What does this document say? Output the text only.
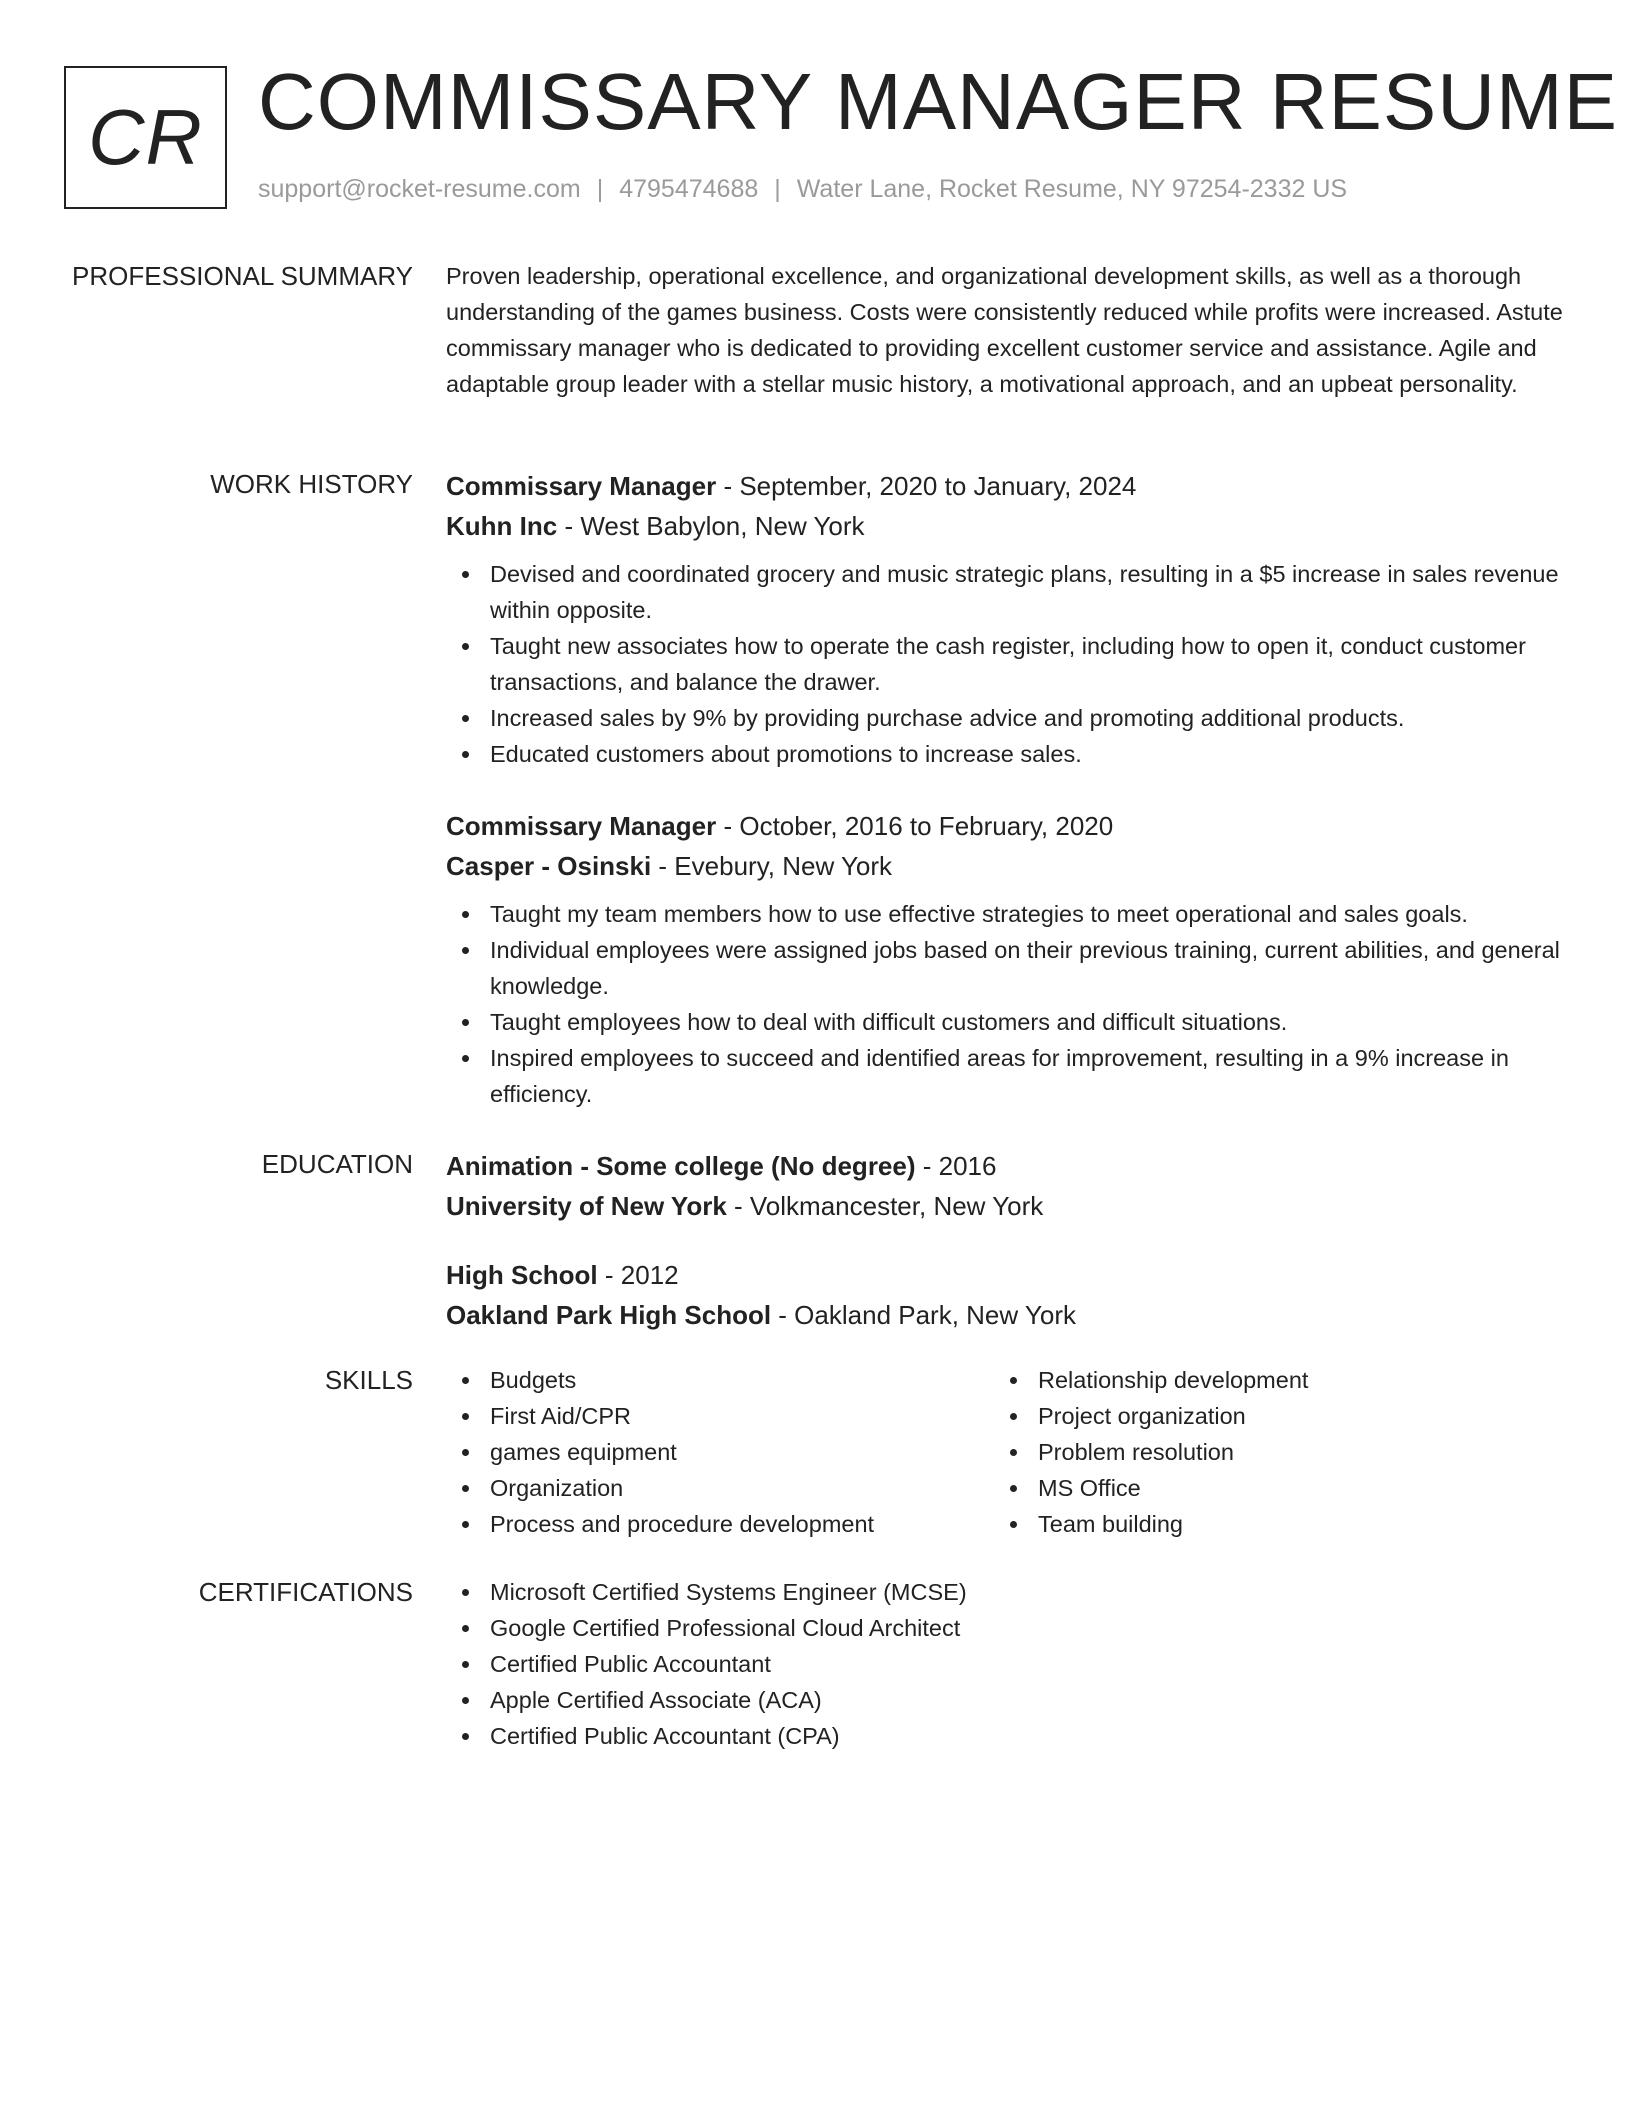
CR COMMISSARY MANAGER RESUME
support@rocket-resume.com | 4795474688 | Water Lane, Rocket Resume, NY 97254-2332 US
PROFESSIONAL SUMMARY Proven leadership, operational excellence, and organizational development skills, as well as a thorough understanding of the games business. Costs were consistently reduced while profits were increased. Astute commissary manager who is dedicated to providing excellent customer service and assistance. Agile and adaptable group leader with a stellar music history, a motivational approach, and an upbeat personality.

WORK HISTORY Commissary Manager - September, 2020 to January, 2024
Kuhn Inc - West Babylon, New York
Devised and coordinated grocery and music strategic plans, resulting in a $5 increase in sales revenue within opposite.
Taught new associates how to operate the cash register, including how to open it, conduct customer transactions, and balance the drawer.
Increased sales by 9% by providing purchase advice and promoting additional products.
Educated customers about promotions to increase sales.
Commissary Manager - October, 2016 to February, 2020
Casper - Osinski - Evebury, New York
Taught my team members how to use effective strategies to meet operational and sales goals.
Individual employees were assigned jobs based on their previous training, current abilities, and general knowledge.
Taught employees how to deal with difficult customers and difficult situations.
Inspired employees to succeed and identified areas for improvement, resulting in a 9% increase in efficiency.
EDUCATION Animation - Some college (No degree) - 2016
University of New York - Volkmancester, New York
High School - 2012
Oakland Park High School - Oakland Park, New York
SKILLS	Budgets
First Aid/CPR
games equipment
Organization
Process and procedure development
Relationship development
Project organization
Problem resolution
MS Office
Team building
CERTIFICATIONS	Microsoft Certified Systems Engineer (MCSE)
Google Certified Professional Cloud Architect
Certified Public Accountant
Apple Certified Associate (ACA)
Certified Public Accountant (CPA)
